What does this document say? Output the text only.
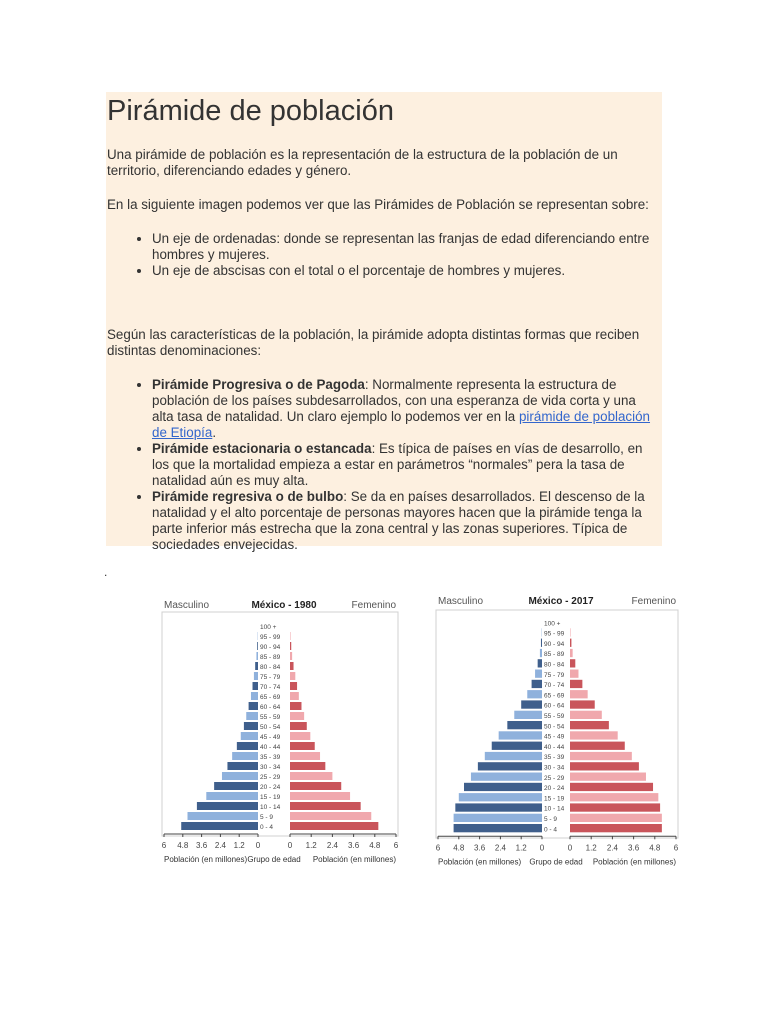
Pirámide de población

Una pirámide de población es la representación de la estructura de la población de un territorio, diferenciando edades y género.

En la siguiente imagen podemos ver que las Pirámides de Población se representan sobre:

• Un eje de ordenadas: donde se representan las franjas de edad diferenciando entre hombres y mujeres.
• Un eje de abscisas con el total o el porcentaje de hombres y mujeres.

Según las características de la población, la pirámide adopta distintas formas que reciben distintas denominaciones:

• Pirámide Progresiva o de Pagoda: Normalmente representa la estructura de población de los países subdesarrollados, con una esperanza de vida corta y una alta tasa de natalidad. Un claro ejemplo lo podemos ver en la pirámide de población de Etiopía.
• Pirámide estacionaria o estancada: Es típica de países en vías de desarrollo, en los que la mortalidad empieza a estar en parámetros “normales” pera la tasa de natalidad aún es muy alta.
• Pirámide regresiva o de bulbo: Se da en países desarrollados. El descenso de la natalidad y el alto porcentaje de personas mayores hacen que la pirámide tenga la parte inferior más estrecha que la zona central y las zonas superiores. Típica de sociedades envejecidas.
.
Masculino	México - 1980	Femenino
100 +
95 - 99
90 - 94
85 - 89
80 - 84
75 - 79
70 - 74
65 - 69
60 - 64
55 - 59
50 - 54
45 - 49
40 - 44
35 - 39
30 - 34
25 - 29
20 - 24
15 - 19
10 - 14
5 - 9
0 - 4
6 4.8 3.6 2.4 1.2 0	0 1.2 2.4 3.6 4.8 6
Población (en millones) Grupo de edad Población (en millones)
Masculino	México - 2017	Femenino
100 +
95 - 99
90 - 94
85 - 89
80 - 84
75 - 79
70 - 74
65 - 69
60 - 64
55 - 59
50 - 54
45 - 49
40 - 44
35 - 39
30 - 34
25 - 29
20 - 24
15 - 19
10 - 14
5 - 9
0 - 4
6 4.8 3.6 2.4 1.2 0	0 1.2 2.4 3.6 4.8 6
Población (en millones) Grupo de edad Población (en millones)
